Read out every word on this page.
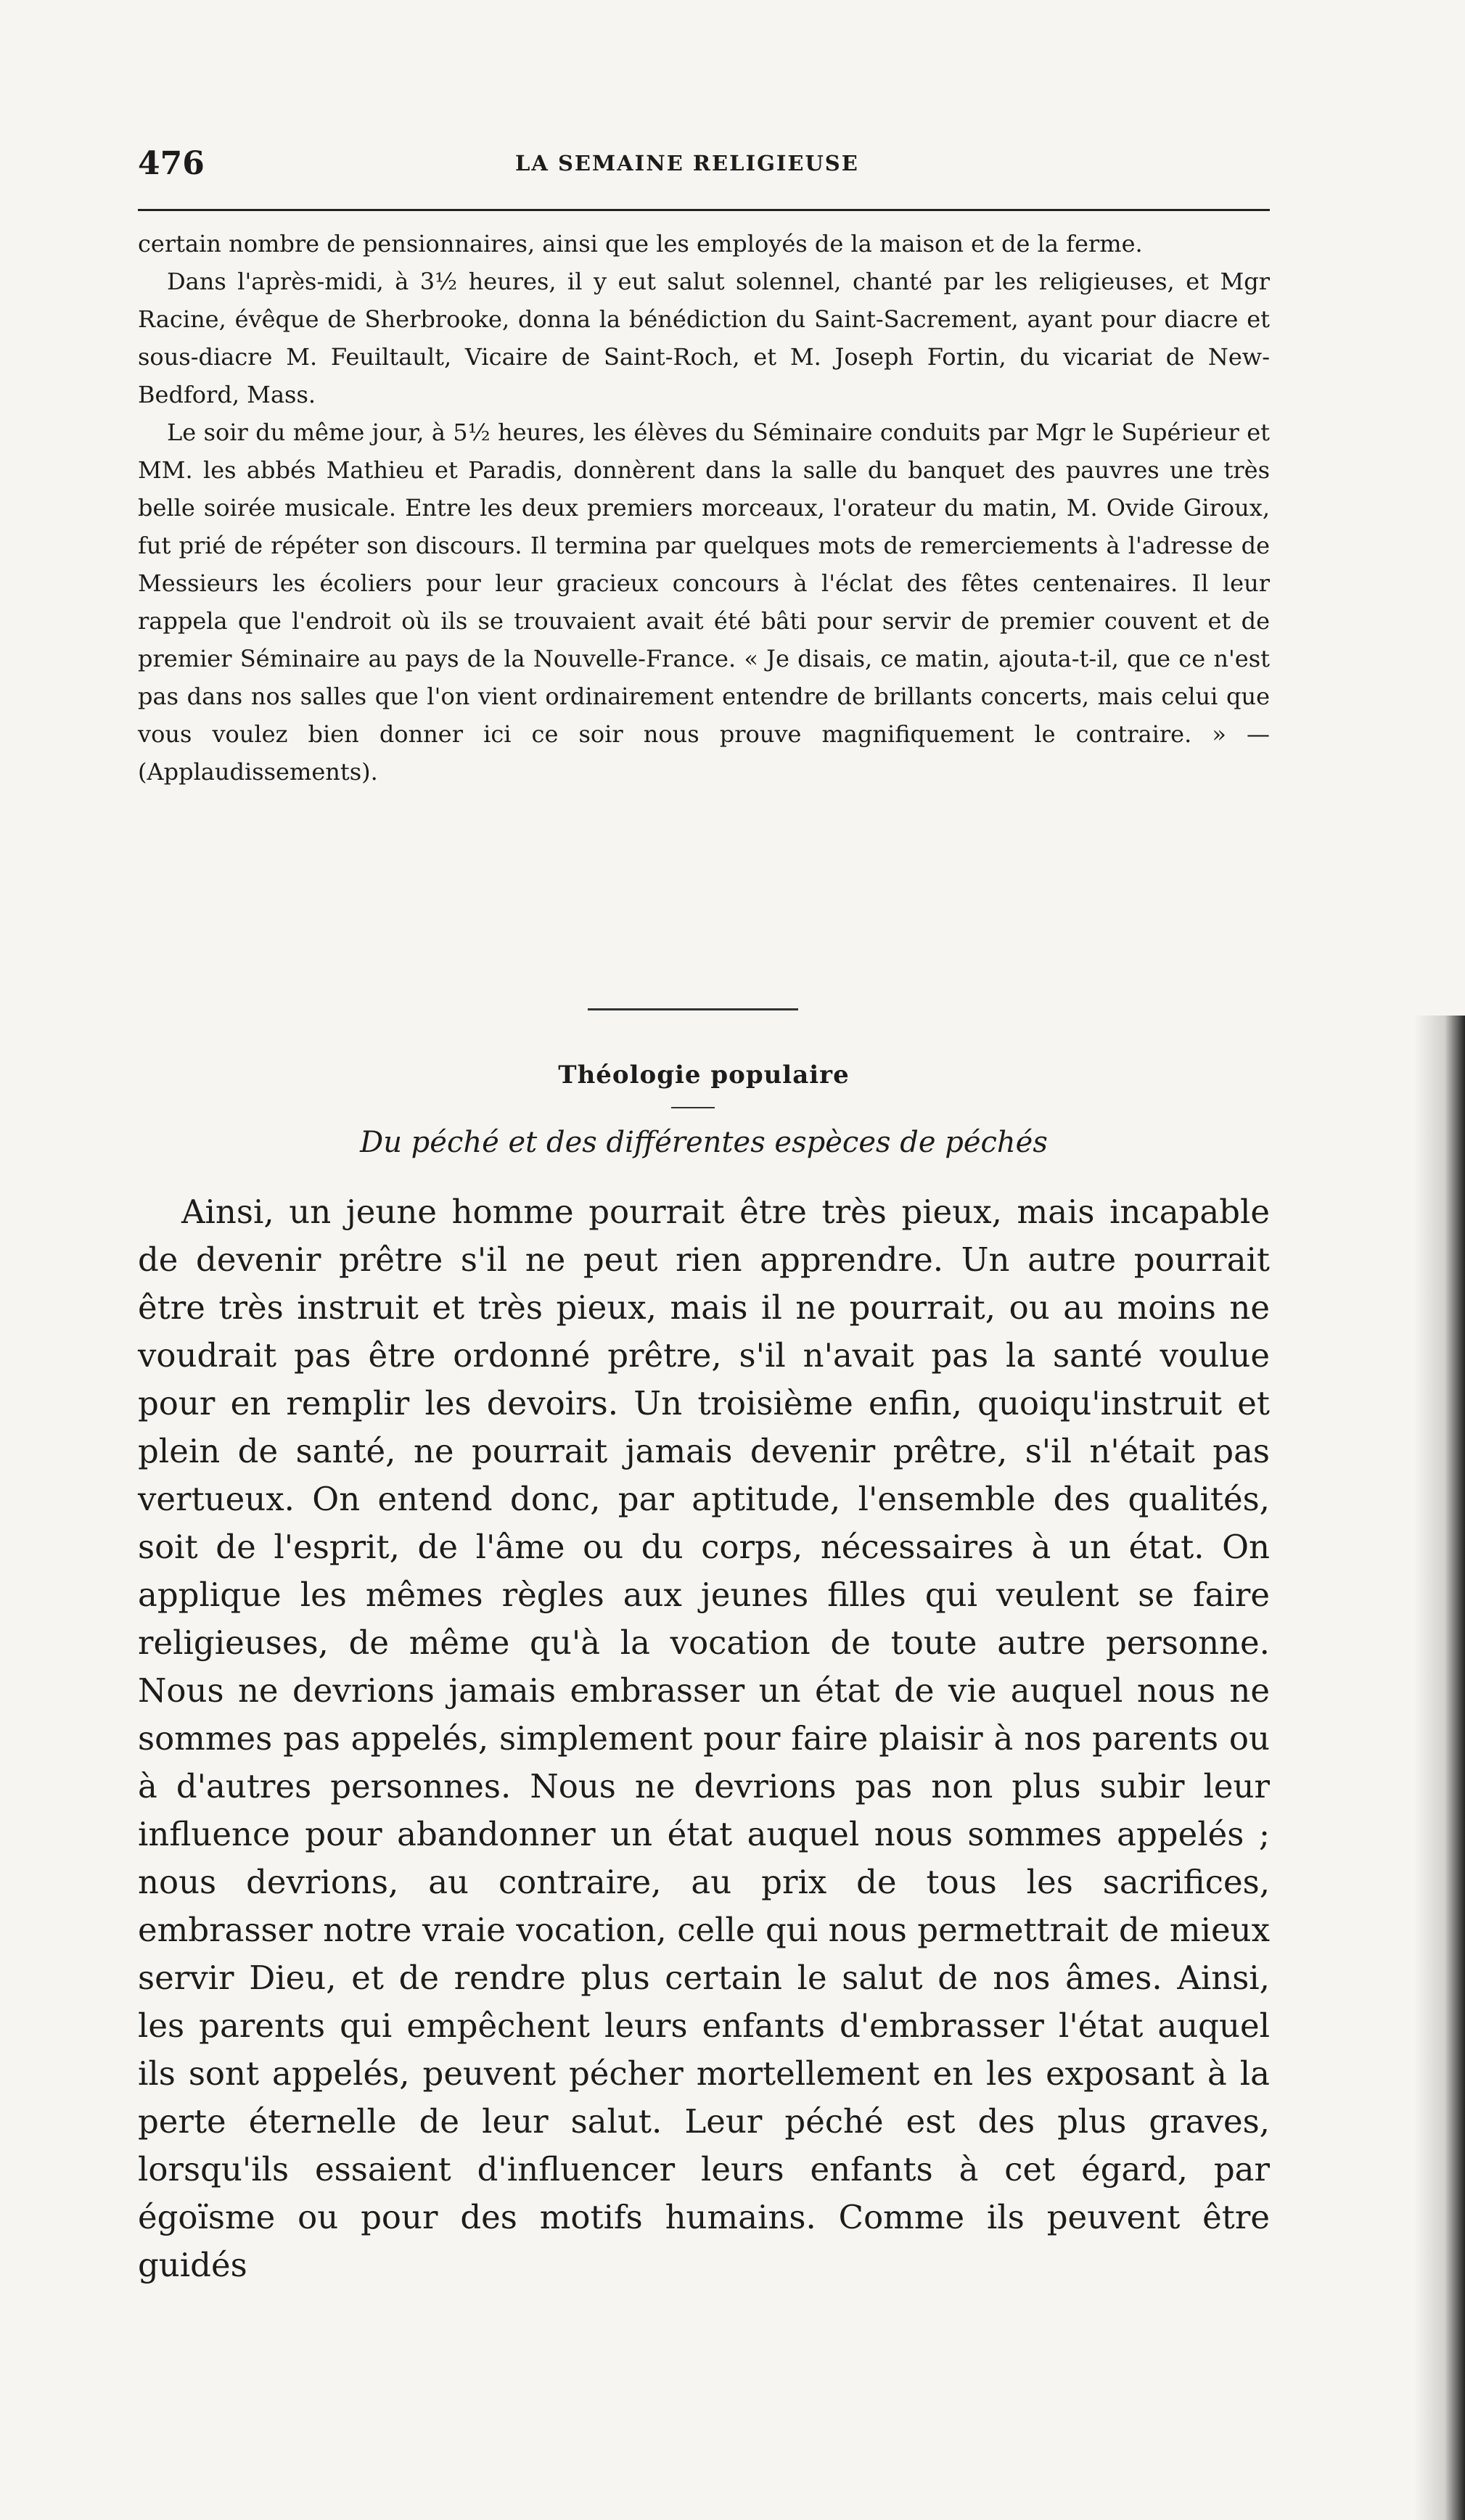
476	LA SEMAINE RELIGIEUSE

certain nombre de pensionnaires, ainsi que les employés de la maison et de la ferme.

Dans l'après-midi, à 3½ heures, il y eut salut solennel, chanté par les religieuses, et Mgr Racine, évêque de Sherbrooke, donna la bénédiction du Saint-Sacrement, ayant pour diacre et sous-diacre M. Feuiltault, Vicaire de Saint-Roch, et M. Joseph Fortin, du vicariat de New-Bedford, Mass.

Le soir du même jour, à 5½ heures, les élèves du Séminaire conduits par Mgr le Supérieur et MM. les abbés Mathieu et Paradis, donnèrent dans la salle du banquet des pauvres une très belle soirée musicale. Entre les deux premiers morceaux, l'orateur du matin, M. Ovide Giroux, fut prié de répéter son discours. Il termina par quelques mots de remerciements à l'adresse de Messieurs les écoliers pour leur gracieux concours à l'éclat des fêtes centenaires. Il leur rappela que l'endroit où ils se trouvaient avait été bâti pour servir de premier couvent et de premier Séminaire au pays de la Nouvelle-France. « Je disais, ce matin, ajouta-t-il, que ce n'est pas dans nos salles que l'on vient ordinairement entendre de brillants concerts, mais celui que vous voulez bien donner ici ce soir nous prouve magnifiquement le contraire. » — (Applaudissements).

Théologie populaire
Du péché et des différentes espèces de péchés

Ainsi, un jeune homme pourrait être très pieux, mais incapable de devenir prêtre s'il ne peut rien apprendre. Un autre pourrait être très instruit et très pieux, mais il ne pourrait, ou au moins ne voudrait pas être ordonné prêtre, s'il n'avait pas la santé voulue pour en remplir les devoirs. Un troisième enfin, quoiqu'instruit et plein de santé, ne pourrait jamais devenir prêtre, s'il n'était pas vertueux. On entend donc, par aptitude, l'ensemble des qualités, soit de l'esprit, de l'âme ou du corps, nécessaires à un état. On applique les mêmes règles aux jeunes filles qui veulent se faire religieuses, de même qu'à la vocation de toute autre personne. Nous ne devrions jamais embrasser un état de vie auquel nous ne sommes pas appelés, simplement pour faire plaisir à nos parents ou à d'autres personnes. Nous ne devrions pas non plus subir leur influence pour abandonner un état auquel nous sommes appelés ; nous devrions, au contraire, au prix de tous les sacrifices, embrasser notre vraie vocation, celle qui nous permettrait de mieux servir Dieu, et de rendre plus certain le salut de nos âmes. Ainsi, les parents qui empêchent leurs enfants d'embrasser l'état auquel ils sont appelés, peuvent pécher mortellement en les exposant à la perte éternelle de leur salut. Leur péché est des plus graves, lorsqu'ils essaient d'influencer leurs enfants à cet égard, par égoïsme ou pour des motifs humains. Comme ils peuvent être guidés
